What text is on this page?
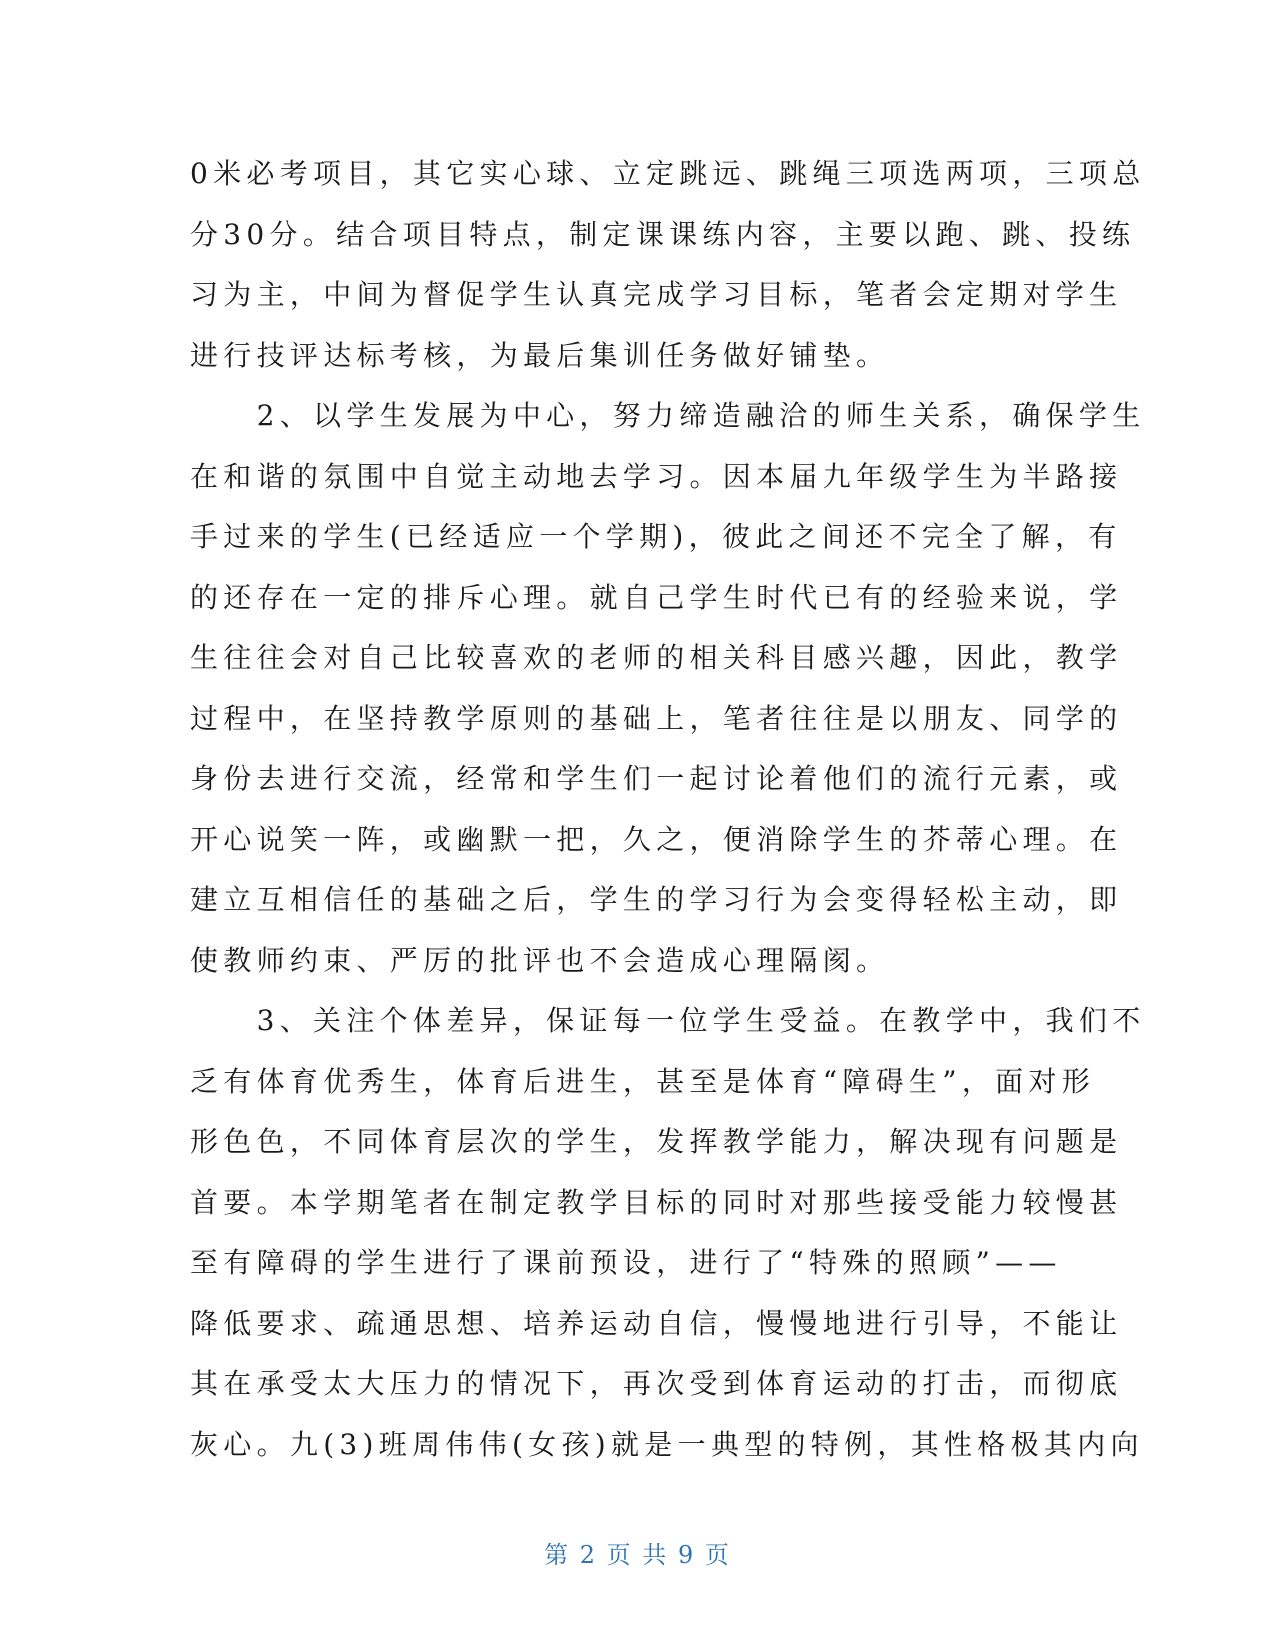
0米必考项目，其它实心球、立定跳远、跳绳三项选两项，三项总
分30分。结合项目特点，制定课课练内容，主要以跑、跳、投练
习为主，中间为督促学生认真完成学习目标，笔者会定期对学生
进行技评达标考核，为最后集训任务做好铺垫。
　　2、以学生发展为中心，努力缔造融洽的师生关系，确保学生
在和谐的氛围中自觉主动地去学习。因本届九年级学生为半路接
手过来的学生(已经适应一个学期)，彼此之间还不完全了解，有
的还存在一定的排斥心理。就自己学生时代已有的经验来说，学
生往往会对自己比较喜欢的老师的相关科目感兴趣，因此，教学
过程中，在坚持教学原则的基础上，笔者往往是以朋友、同学的
身份去进行交流，经常和学生们一起讨论着他们的流行元素，或
开心说笑一阵，或幽默一把，久之，便消除学生的芥蒂心理。在
建立互相信任的基础之后，学生的学习行为会变得轻松主动，即
使教师约束、严厉的批评也不会造成心理隔阂。
　　3、关注个体差异，保证每一位学生受益。在教学中，我们不
乏有体育优秀生，体育后进生，甚至是体育“障碍生”，面对形
形色色，不同体育层次的学生，发挥教学能力，解决现有问题是
首要。本学期笔者在制定教学目标的同时对那些接受能力较慢甚
至有障碍的学生进行了课前预设，进行了“特殊的照顾”——
降低要求、疏通思想、培养运动自信，慢慢地进行引导，不能让
其在承受太大压力的情况下，再次受到体育运动的打击，而彻底
灰心。九(3)班周伟伟(女孩)就是一典型的特例，其性格极其内向
第 2 页 共 9 页
